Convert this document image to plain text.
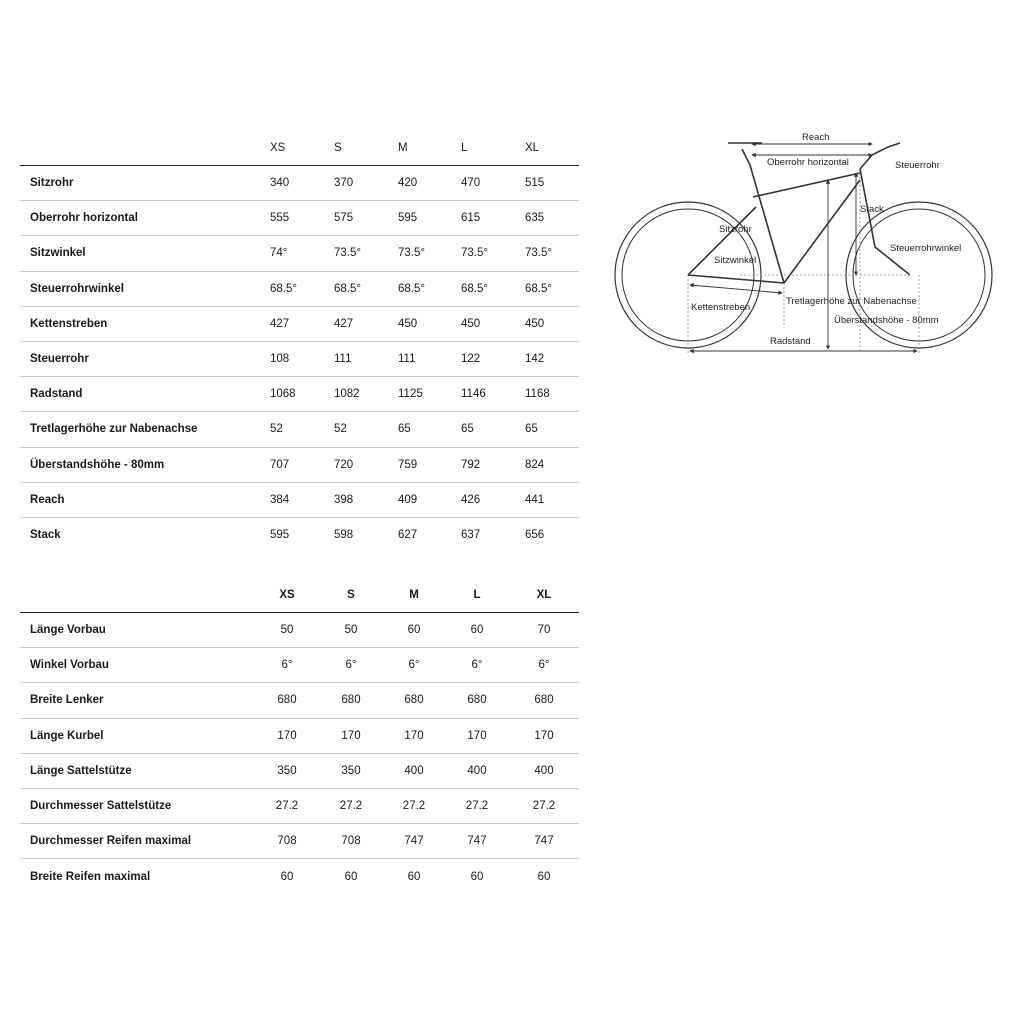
	XS	S	M	L	XL
Sitzrohr	340	370	420	470	515
Oberrohr horizontal	555	575	595	615	635
Sitzwinkel	74°	73.5°	73.5°	73.5°	73.5°
Steuerrohrwinkel	68.5°	68.5°	68.5°	68.5°	68.5°
Kettenstreben	427	427	450	450	450
Steuerrohr	108	111	111	122	142
Radstand	1068	1082	1125	1146	1168
Tretlagerhöhe zur Nabenachse	52	52	65	65	65
Überstandshöhe - 80mm	707	720	759	792	824
Reach	384	398	409	426	441
Stack	595	598	627	637	656
	XS	S	M	L	XL
Länge Vorbau	50	50	60	60	70
Winkel Vorbau	6°	6°	6°	6°	6°
Breite Lenker	680	680	680	680	680
Länge Kurbel	170	170	170	170	170
Länge Sattelstütze	350	350	400	400	400
Durchmesser Sattelstütze	27.2	27.2	27.2	27.2	27.2
Durchmesser Reifen maximal	708	708	747	747	747
Breite Reifen maximal	60	60	60	60	60
Reach
Oberrohr horizontal	Steuerrohr
Stack
Sitzrohr
Sitzwinkel
Steuerrohrwinkel
Tretlagerhöhe zur Nabenachse
Kettenstreben
Überstandshöhe - 80mm
Radstand
